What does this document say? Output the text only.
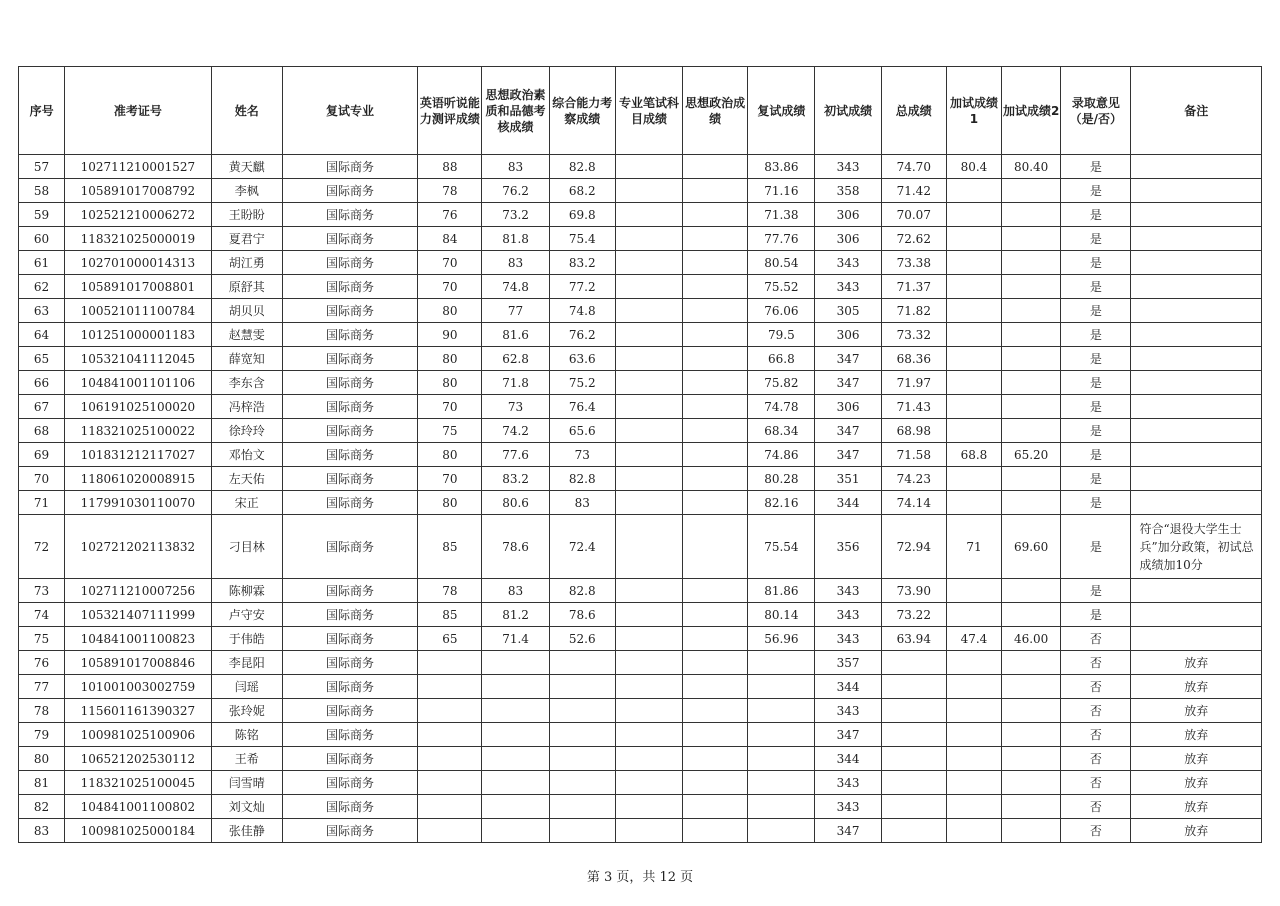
序号	准考证号	姓名	复试专业	英语听说能力测评成绩	思想政治素质和品德考核成绩	综合能力考察成绩	专业笔试科目成绩	思想政治成绩	复试成绩	初试成绩	总成绩	加试成绩1	加试成绩2	录取意见（是/否）	备注
57	102711210001527	黄天麒	国际商务	88	83	82.8			83.86	343	74.70	80.4	80.40	是	
58	105891017008792	李枫	国际商务	78	76.2	68.2			71.16	358	71.42			是	
59	102521210006272	王盼盼	国际商务	76	73.2	69.8			71.38	306	70.07			是	
60	118321025000019	夏君宁	国际商务	84	81.8	75.4			77.76	306	72.62			是	
61	102701000014313	胡江勇	国际商务	70	83	83.2			80.54	343	73.38			是	
62	105891017008801	原舒其	国际商务	70	74.8	77.2			75.52	343	71.37			是	
63	100521011100784	胡贝贝	国际商务	80	77	74.8			76.06	305	71.82			是	
64	101251000001183	赵慧雯	国际商务	90	81.6	76.2			79.5	306	73.32			是	
65	105321041112045	薛宽知	国际商务	80	62.8	63.6			66.8	347	68.36			是	
66	104841001101106	李东含	国际商务	80	71.8	75.2			75.82	347	71.97			是	
67	106191025100020	冯梓浩	国际商务	70	73	76.4			74.78	306	71.43			是	
68	118321025100022	徐玲玲	国际商务	75	74.2	65.6			68.34	347	68.98			是	
69	101831212117027	邓怡文	国际商务	80	77.6	73			74.86	347	71.58	68.8	65.20	是	
70	118061020008915	左天佑	国际商务	70	83.2	82.8			80.28	351	74.23			是	
71	117991030110070	宋正	国际商务	80	80.6	83			82.16	344	74.14			是	
72	102721202113832	刁目林	国际商务	85	78.6	72.4			75.54	356	72.94	71	69.60	是	符合“退役大学生士兵”加分政策，初试总成绩加10分
73	102711210007256	陈柳霖	国际商务	78	83	82.8			81.86	343	73.90			是	
74	105321407111999	卢守安	国际商务	85	81.2	78.6			80.14	343	73.22			是	
75	104841001100823	于伟皓	国际商务	65	71.4	52.6			56.96	343	63.94	47.4	46.00	否	
76	105891017008846	李昆阳	国际商务							357				否	放弃
77	101001003002759	闫瑶	国际商务							344				否	放弃
78	115601161390327	张玲妮	国际商务							343				否	放弃
79	100981025100906	陈铭	国际商务							347				否	放弃
80	106521202530112	王希	国际商务							344				否	放弃
81	118321025100045	闫雪晴	国际商务							343				否	放弃
82	104841001100802	刘文灿	国际商务							343				否	放弃
83	100981025000184	张佳静	国际商务							347				否	放弃
第 3 页，共 12 页
